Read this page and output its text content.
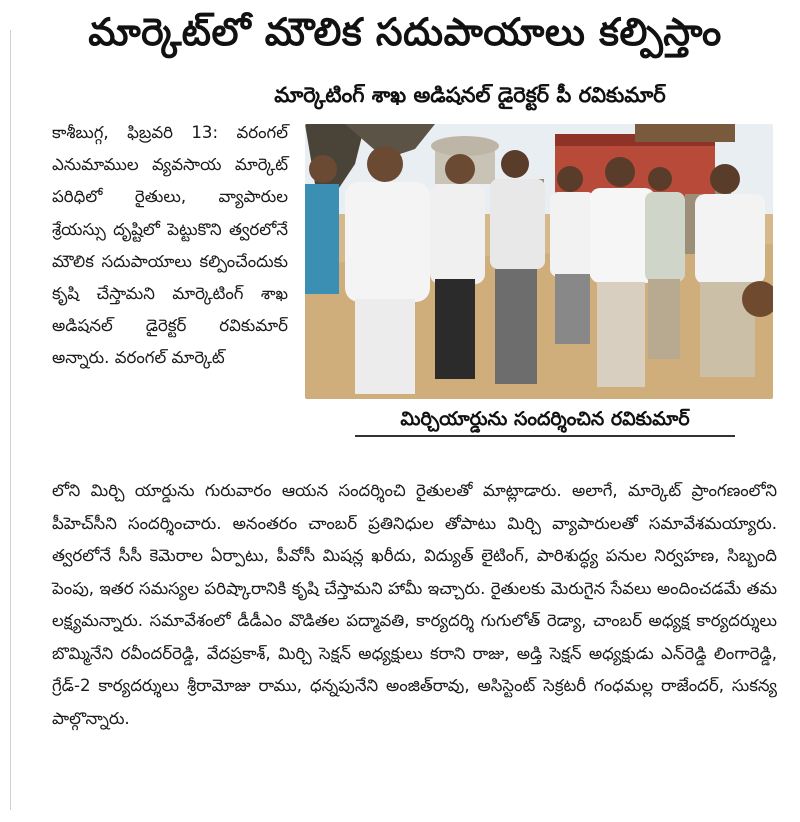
మార్కెట్‌లో మౌలిక సదుపాయాలు కల్పిస్తాం
మార్కెటింగ్ శాఖ అడిషనల్ డైరెక్టర్ పీ రవికుమార్
కాశీబుగ్గ, ఫిబ్రవరి 13: వరంగల్ ఎనుమాముల వ్యవసాయ మార్కెట్ పరిధిలో రైతులు, వ్యాపారుల శ్రేయస్సు దృష్టిలో పెట్టుకొని త్వరలోనే మౌలిక సదుపాయాలు కల్పించేందుకు కృషి చేస్తామని మార్కెటింగ్ శాఖ అడిషనల్ డైరెక్టర్ రవికుమార్ అన్నారు. వరంగల్ మార్కెట్
మిర్చియార్డును సందర్శించిన రవికుమార్
లోని మిర్చి యార్డును గురువారం ఆయన సందర్శించి రైతులతో మాట్లాడారు. అలాగే, మార్కెట్ ప్రాంగణంలోని పీహెచ్‌సీని సందర్శించారు. అనంతరం చాంబర్ ప్రతినిధుల తోపాటు మిర్చి వ్యాపారులతో సమావేశమయ్యారు. త్వరలోనే సీసీ కెమెరాల ఏర్పాటు, పీవోసీ మిషన్ల ఖరీదు, విద్యుత్ లైటింగ్, పారిశుద్ధ్య పనుల నిర్వహణ, సిబ్బంది పెంపు, ఇతర సమస్యల పరిష్కారానికి కృషి చేస్తామని హామీ ఇచ్చారు. రైతులకు మెరుగైన సేవలు అందించడమే తమ లక్ష్యమన్నారు. సమావేశంలో డీడీఎం వొడితల పద్మావతి, కార్యదర్శి గుగులోత్ రెడ్యా, చాంబర్ అధ్యక్ష కార్యదర్శులు బొమ్మినేని రవీందర్‌రెడ్డి, వేదప్రకాశ్, మిర్చి సెక్షన్ అధ్యక్షులు కరాని రాజు, అడ్తి సెక్షన్ అధ్యక్షుడు ఎన్‌రెడ్డి లింగారెడ్డి, గ్రేడ్-2 కార్యదర్శులు శ్రీరామోజు రాము, ధన్నపునేని అంజిత్‌రావు, అసిస్టెంట్ సెక్రటరీ గంధమల్ల రాజేందర్, సుకన్య పాల్గొన్నారు.
